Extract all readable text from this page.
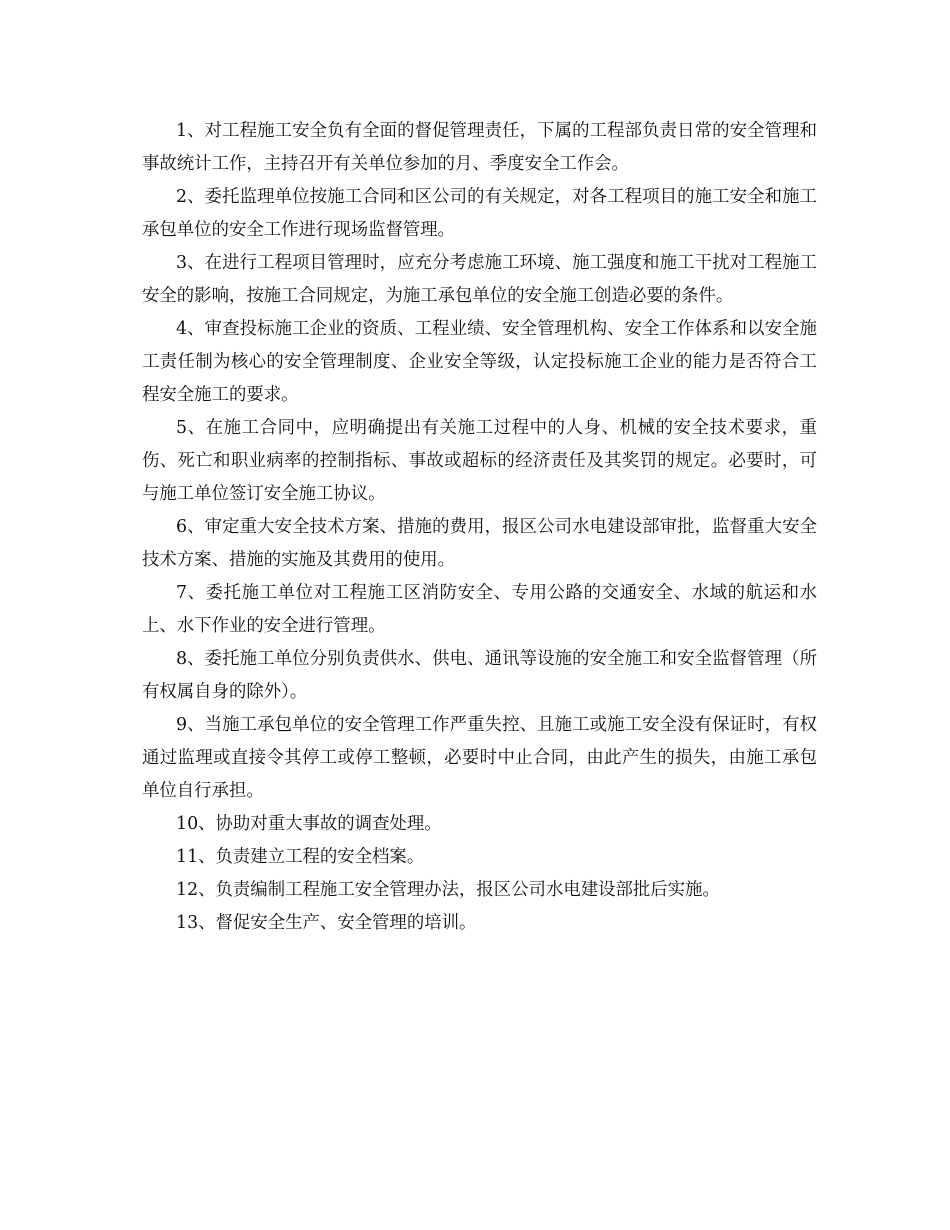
1、对工程施工安全负有全面的督促管理责任，下属的工程部负责日常的安全管理和事故统计工作，主持召开有关单位参加的月、季度安全工作会。

2、委托监理单位按施工合同和区公司的有关规定，对各工程项目的施工安全和施工承包单位的安全工作进行现场监督管理。

3、在进行工程项目管理时，应充分考虑施工环境、施工强度和施工干扰对工程施工安全的影响，按施工合同规定，为施工承包单位的安全施工创造必要的条件。

4、审查投标施工企业的资质、工程业绩、安全管理机构、安全工作体系和以安全施工责任制为核心的安全管理制度、企业安全等级，认定投标施工企业的能力是否符合工程安全施工的要求。

5、在施工合同中，应明确提出有关施工过程中的人身、机械的安全技术要求，重伤、死亡和职业病率的控制指标、事故或超标的经济责任及其奖罚的规定。必要时，可与施工单位签订安全施工协议。

6、审定重大安全技术方案、措施的费用，报区公司水电建设部审批，监督重大安全技术方案、措施的实施及其费用的使用。

7、委托施工单位对工程施工区消防安全、专用公路的交通安全、水域的航运和水上、水下作业的安全进行管理。

8、委托施工单位分别负责供水、供电、通讯等设施的安全施工和安全监督管理（所有权属自身的除外）。

9、当施工承包单位的安全管理工作严重失控、且施工或施工安全没有保证时，有权通过监理或直接令其停工或停工整顿，必要时中止合同，由此产生的损失，由施工承包单位自行承担。

10、协助对重大事故的调查处理。

11、负责建立工程的安全档案。

12、负责编制工程施工安全管理办法，报区公司水电建设部批后实施。

13、督促安全生产、安全管理的培训。
